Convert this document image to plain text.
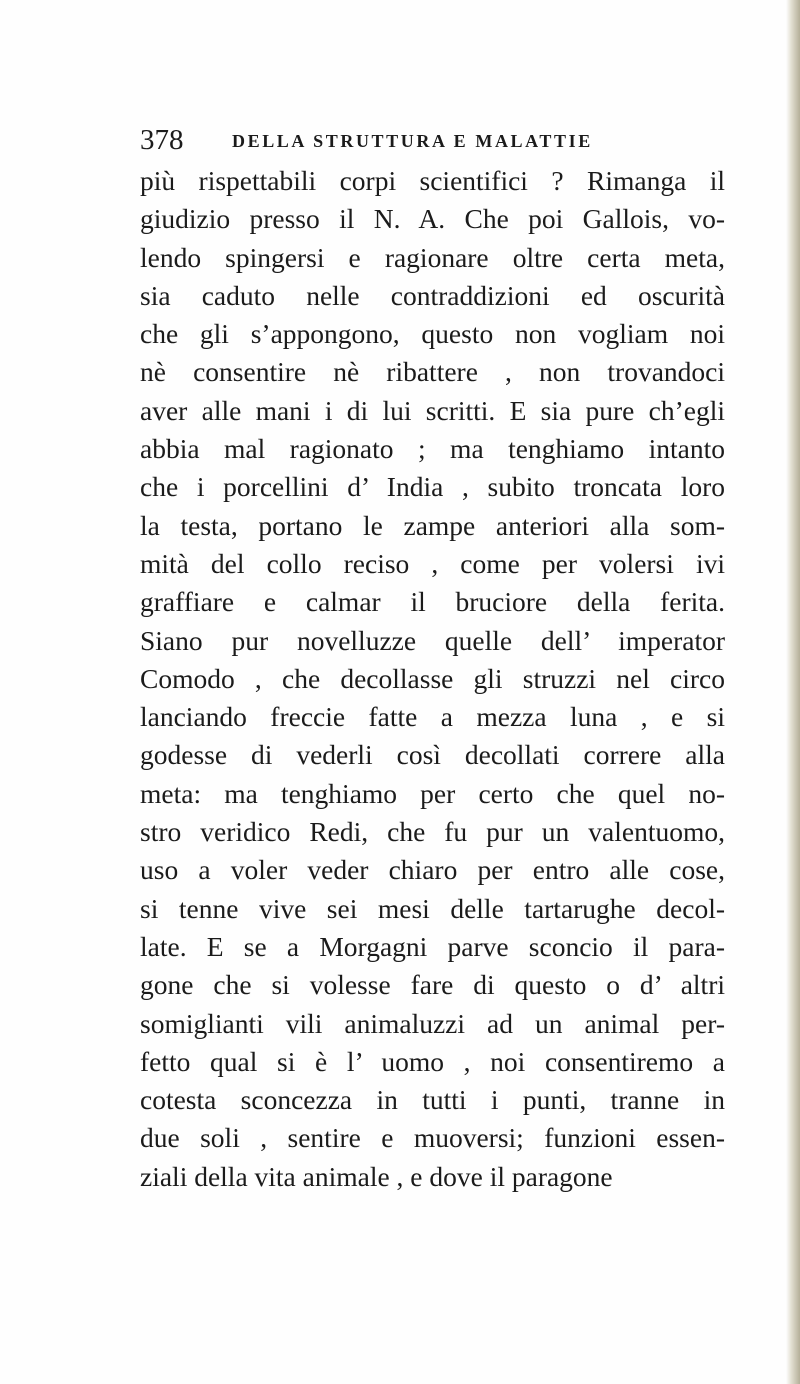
378	DELLA STRUTTURA E MALATTIE
più rispettabili corpi scientifici ? Rimanga il
giudizio presso il N. A. Che poi Gallois, vo-
lendo spingersi e ragionare oltre certa meta,
sia caduto nelle contraddizioni ed oscurità
che gli s’appongono, questo non vogliam noi
nè consentire nè ribattere , non trovandoci
aver alle mani i di lui scritti. E sia pure ch’egli
abbia mal ragionato ; ma tenghiamo intanto
che i porcellini d’ India , subito troncata loro
la testa, portano le zampe anteriori alla som-
mità del collo reciso , come per volersi ivi
graffiare e calmar il bruciore della ferita.
Siano pur novelluzze quelle dell’ imperator
Comodo , che decollasse gli struzzi nel circo
lanciando freccie fatte a mezza luna , e si
godesse di vederli così decollati correre alla
meta: ma tenghiamo per certo che quel no-
stro veridico Redi, che fu pur un valentuomo,
uso a voler veder chiaro per entro alle cose,
si tenne vive sei mesi delle tartarughe decol-
late. E se a Morgagni parve sconcio il para-
gone che si volesse fare di questo o d’ altri
somiglianti vili animaluzzi ad un animal per-
fetto qual si è l’ uomo , noi consentiremo a
cotesta sconcezza in tutti i punti, tranne in
due soli , sentire e muoversi; funzioni essen-
ziali della vita animale , e dove il paragone
